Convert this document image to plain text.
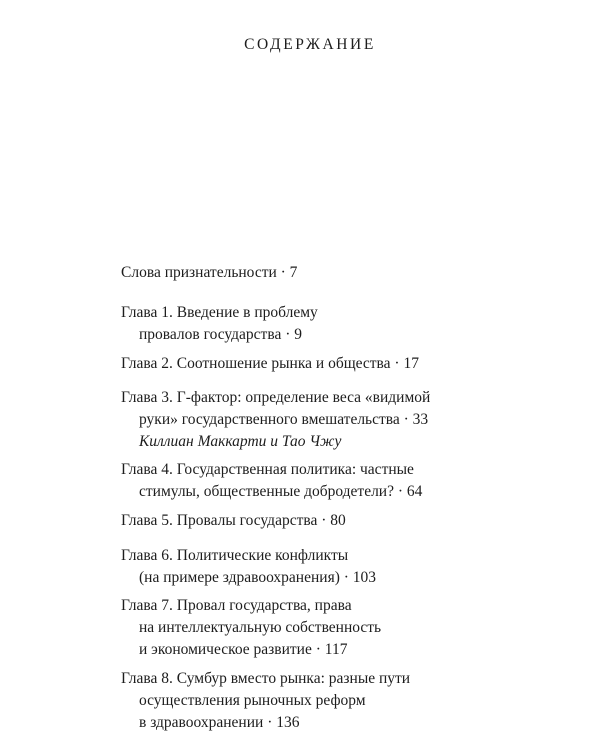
СОДЕРЖАНИЕ
Слова признательности · 7
Глава 1. Введение в проблему
провалов государства · 9
Глава 2. Соотношение рынка и общества · 17
Глава 3. Г-фактор: определение веса «видимой
руки» государственного вмешательства · 33
Киллиан Маккарти и Тао Чжу
Глава 4. Государственная политика: частные
стимулы, общественные добродетели? · 64
Глава 5. Провалы государства · 80
Глава 6. Политические конфликты
(на примере здравоохранения) · 103
Глава 7. Провал государства, права
на интеллектуальную собственность
и экономическое развитие · 117
Глава 8. Сумбур вместо рынка: разные пути
осуществления рыночных реформ
в здравоохранении · 136
